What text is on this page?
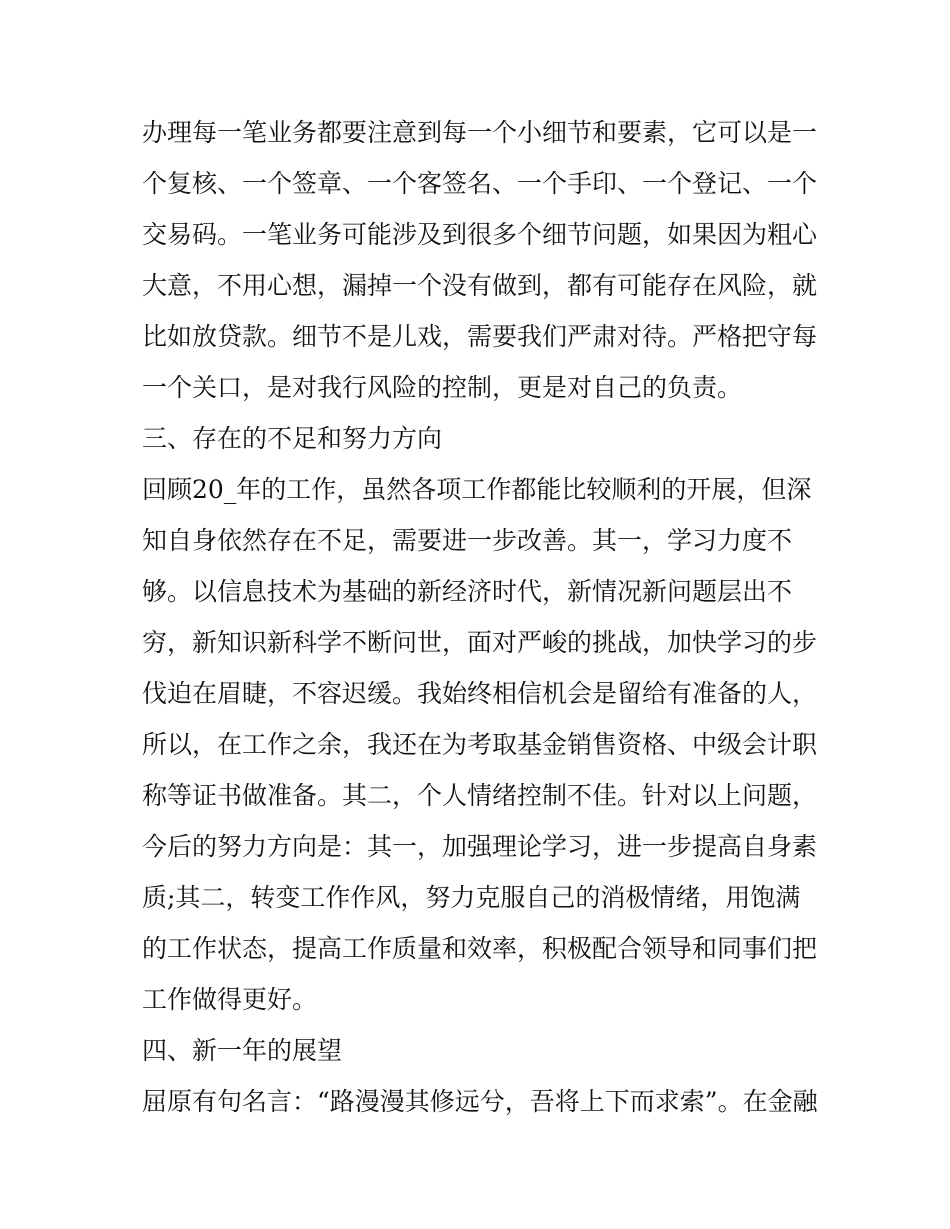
办理每一笔业务都要注意到每一个小细节和要素，它可以是一
个复核、一个签章、一个客签名、一个手印、一个登记、一个
交易码。一笔业务可能涉及到很多个细节问题，如果因为粗心
大意，不用心想，漏掉一个没有做到，都有可能存在风险，就
比如放贷款。细节不是儿戏，需要我们严肃对待。严格把守每
一个关口，是对我行风险的控制，更是对自己的负责。
三、存在的不足和努力方向
回顾20_年的工作，虽然各项工作都能比较顺利的开展，但深
知自身依然存在不足，需要进一步改善。其一，学习力度不
够。以信息技术为基础的新经济时代，新情况新问题层出不
穷，新知识新科学不断问世，面对严峻的挑战，加快学习的步
伐迫在眉睫，不容迟缓。我始终相信机会是留给有准备的人，
所以，在工作之余，我还在为考取基金销售资格、中级会计职
称等证书做准备。其二，个人情绪控制不佳。针对以上问题，
今后的努力方向是：其一，加强理论学习，进一步提高自身素
质;其二，转变工作作风，努力克服自己的消极情绪，用饱满
的工作状态，提高工作质量和效率，积极配合领导和同事们把
工作做得更好。
四、新一年的展望
屈原有句名言：“路漫漫其修远兮，吾将上下而求索”。在金融
